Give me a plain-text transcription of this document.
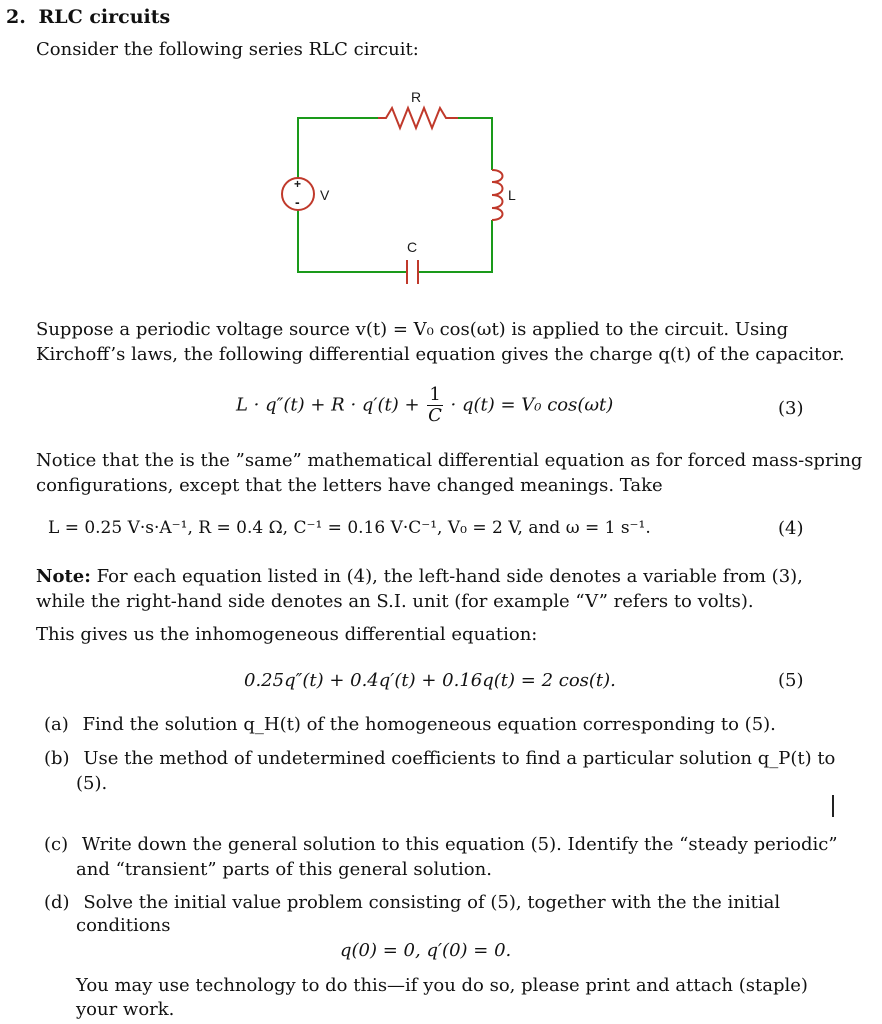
2. RLC circuits
Consider the following series RLC circuit:
+
-
R
V	L
C
Suppose a periodic voltage source v(t) = V₀ cos(ωt) is applied to the circuit. Using
Kirchoff’s laws, the following differential equation gives the charge q(t) of the capacitor.
$L \cdot q''(t) + R \cdot q'(t) + \frac{1}{C} \cdot q(t) = V_0$ cos(ωt)	(3)
Notice that the is the ”same” mathematical differential equation as for forced mass-spring
configurations, except that the letters have changed meanings. Take
L = 0.25 V·s·A⁻¹, R = 0.4 Ω, C⁻¹ = 0.16 V·C⁻¹, V₀ = 2 V, and ω = 1 s⁻¹.	(4)
Note: For each equation listed in (4), the left-hand side denotes a variable from (3),
while the right-hand side denotes an S.I. unit (for example “V” refers to volts).
This gives us the inhomogeneous differential equation:
0.25q″(t) + 0.4q′(t) + 0.16q(t) = 2 cos(t).	(5)
(a) Find the solution q_H(t) of the homogeneous equation corresponding to (5).
(b) Use the method of undetermined coefficients to find a particular solution q_P(t) to
(5).
(c) Write down the general solution to this equation (5). Identify the “steady periodic”
and “transient” parts of this general solution.
(d) Solve the initial value problem consisting of (5), together with the the initial
conditions
q(0) = 0, q′(0) = 0.
You may use technology to do this—if you do so, please print and attach (staple)
your work.
